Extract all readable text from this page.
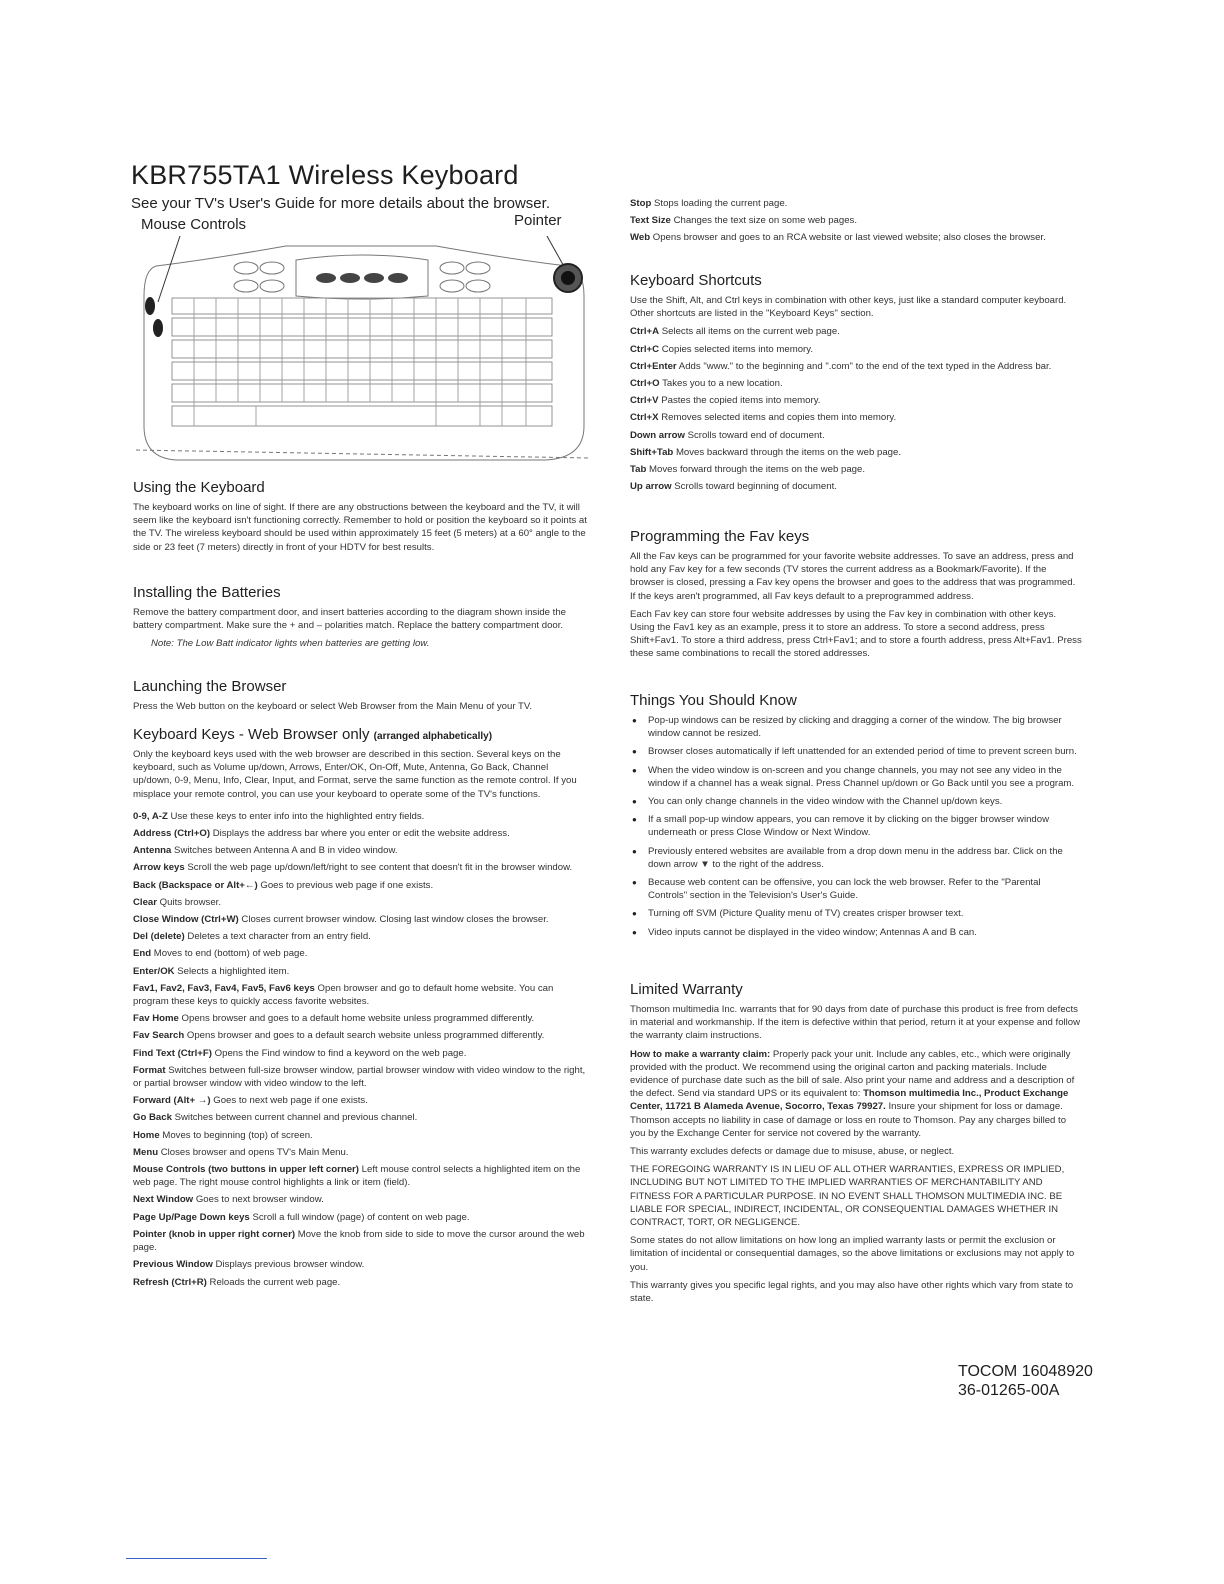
KBR755TA1 Wireless Keyboard

See your TV's User's Guide for more details about the browser.

Mouse Controls	Pointer
Using the Keyboard

The keyboard works on line of sight. If there are any obstructions between the keyboard and the TV, it will seem like the keyboard isn't functioning correctly. Remember to hold or position the keyboard so it points at the TV. The wireless keyboard should be used within approximately 15 feet (5 meters) at a 60° angle to the side or 23 feet (7 meters) directly in front of your HDTV for best results.

Installing the Batteries

Remove the battery compartment door, and insert batteries according to the diagram shown inside the battery compartment. Make sure the + and – polarities match. Replace the battery compartment door.

Note: The Low Batt indicator lights when batteries are getting low.

Launching the Browser

Press the Web button on the keyboard or select Web Browser from the Main Menu of your TV.

Keyboard Keys - Web Browser only (arranged alphabetically)

Only the keyboard keys used with the web browser are described in this section. Several keys on the keyboard, such as Volume up/down, Arrows, Enter/OK, On-Off, Mute, Antenna, Go Back, Channel up/down, 0-9, Menu, Info, Clear, Input, and Format, serve the same function as the remote control. If you misplace your remote control, you can use your keyboard to operate some of the TV's functions.

0-9, A-Z Use these keys to enter info into the highlighted entry fields.

Address (Ctrl+O) Displays the address bar where you enter or edit the website address.

Antenna Switches between Antenna A and B in video window.

Arrow keys Scroll the web page up/down/left/right to see content that doesn't fit in the browser window.

Back (Backspace or Alt+←) Goes to previous web page if one exists.

Clear Quits browser.

Close Window (Ctrl+W) Closes current browser window. Closing last window closes the browser.

Del (delete) Deletes a text character from an entry field.

End Moves to end (bottom) of web page.

Enter/OK Selects a highlighted item.

Fav1, Fav2, Fav3, Fav4, Fav5, Fav6 keys Open browser and go to default home website. You can program these keys to quickly access favorite websites.

Fav Home Opens browser and goes to a default home website unless programmed differently.

Fav Search Opens browser and goes to a default search website unless programmed differently.

Find Text (Ctrl+F) Opens the Find window to find a keyword on the web page.

Format Switches between full-size browser window, partial browser window with video window to the right, or partial browser window with video window to the left.

Forward (Alt+ →) Goes to next web page if one exists.

Go Back Switches between current channel and previous channel.

Home Moves to beginning (top) of screen.

Menu Closes browser and opens TV's Main Menu.

Mouse Controls (two buttons in upper left corner) Left mouse control selects a highlighted item on the web page. The right mouse control highlights a link or item (field).

Next Window Goes to next browser window.

Page Up/Page Down keys Scroll a full window (page) of content on web page.

Pointer (knob in upper right corner) Move the knob from side to side to move the cursor around the web page.

Previous Window Displays previous browser window.

Refresh (Ctrl+R) Reloads the current web page.

Stop Stops loading the current page.

Text Size Changes the text size on some web pages.

Web Opens browser and goes to an RCA website or last viewed website; also closes the browser.

Keyboard Shortcuts

Use the Shift, Alt, and Ctrl keys in combination with other keys, just like a standard computer keyboard. Other shortcuts are listed in the "Keyboard Keys" section.

Ctrl+A Selects all items on the current web page.

Ctrl+C Copies selected items into memory.

Ctrl+Enter Adds "www." to the beginning and ".com" to the end of the text typed in the Address bar.

Ctrl+O Takes you to a new location.

Ctrl+V Pastes the copied items into memory.

Ctrl+X Removes selected items and copies them into memory.

Down arrow Scrolls toward end of document.

Shift+Tab Moves backward through the items on the web page.

Tab Moves forward through the items on the web page.

Up arrow Scrolls toward beginning of document.

Programming the Fav keys

All the Fav keys can be programmed for your favorite website addresses. To save an address, press and hold any Fav key for a few seconds (TV stores the current address as a Bookmark/Favorite). If the browser is closed, pressing a Fav key opens the browser and goes to the address that was programmed. If the keys aren't programmed, all Fav keys default to a preprogrammed address.

Each Fav key can store four website addresses by using the Fav key in combination with other keys. Using the Fav1 key as an example, press it to store an address. To store a second address, press Shift+Fav1. To store a third address, press Ctrl+Fav1; and to store a fourth address, press Alt+Fav1. Press these same combinations to recall the stored addresses.

Things You Should Know
● Pop-up windows can be resized by clicking and dragging a corner of the window. The big browser window cannot be resized.
● Browser closes automatically if left unattended for an extended period of time to prevent screen burn.
● When the video window is on-screen and you change channels, you may not see any video in the window if a channel has a weak signal. Press Channel up/down or Go Back until you see a program.
● You can only change channels in the video window with the Channel up/down keys.
● If a small pop-up window appears, you can remove it by clicking on the bigger browser window underneath or press Close Window or Next Window.
● Previously entered websites are available from a drop down menu in the address bar. Click on the down arrow ▼ to the right of the address.
● Because web content can be offensive, you can lock the web browser. Refer to the "Parental Controls" section in the Television's User's Guide.
● Turning off SVM (Picture Quality menu of TV) creates crisper browser text.
● Video inputs cannot be displayed in the video window; Antennas A and B can.
Limited Warranty

Thomson multimedia Inc. warrants that for 90 days from date of purchase this product is free from defects in material and workmanship. If the item is defective within that period, return it at your expense and follow the warranty claim instructions.

How to make a warranty claim: Properly pack your unit. Include any cables, etc., which were originally provided with the product. We recommend using the original carton and packing materials. Include evidence of purchase date such as the bill of sale. Also print your name and address and a description of the defect. Send via standard UPS or its equivalent to: Thomson multimedia Inc., Product Exchange Center, 11721 B Alameda Avenue, Socorro, Texas 79927. Insure your shipment for loss or damage. Thomson accepts no liability in case of damage or loss en route to Thomson. Pay any charges billed to you by the Exchange Center for service not covered by the warranty.

This warranty excludes defects or damage due to misuse, abuse, or neglect.

THE FOREGOING WARRANTY IS IN LIEU OF ALL OTHER WARRANTIES, EXPRESS OR IMPLIED, INCLUDING BUT NOT LIMITED TO THE IMPLIED WARRANTIES OF MERCHANTABILITY AND FITNESS FOR A PARTICULAR PURPOSE. IN NO EVENT SHALL THOMSON MULTIMEDIA INC. BE LIABLE FOR SPECIAL, INDIRECT, INCIDENTAL, OR CONSEQUENTIAL DAMAGES WHETHER IN CONTRACT, TORT, OR NEGLIGENCE.

Some states do not allow limitations on how long an implied warranty lasts or permit the exclusion or limitation of incidental or consequential damages, so the above limitations or exclusions may not apply to you.

This warranty gives you specific legal rights, and you may also have other rights which vary from state to state.

TOCOM 16048920
36-01265-00A
